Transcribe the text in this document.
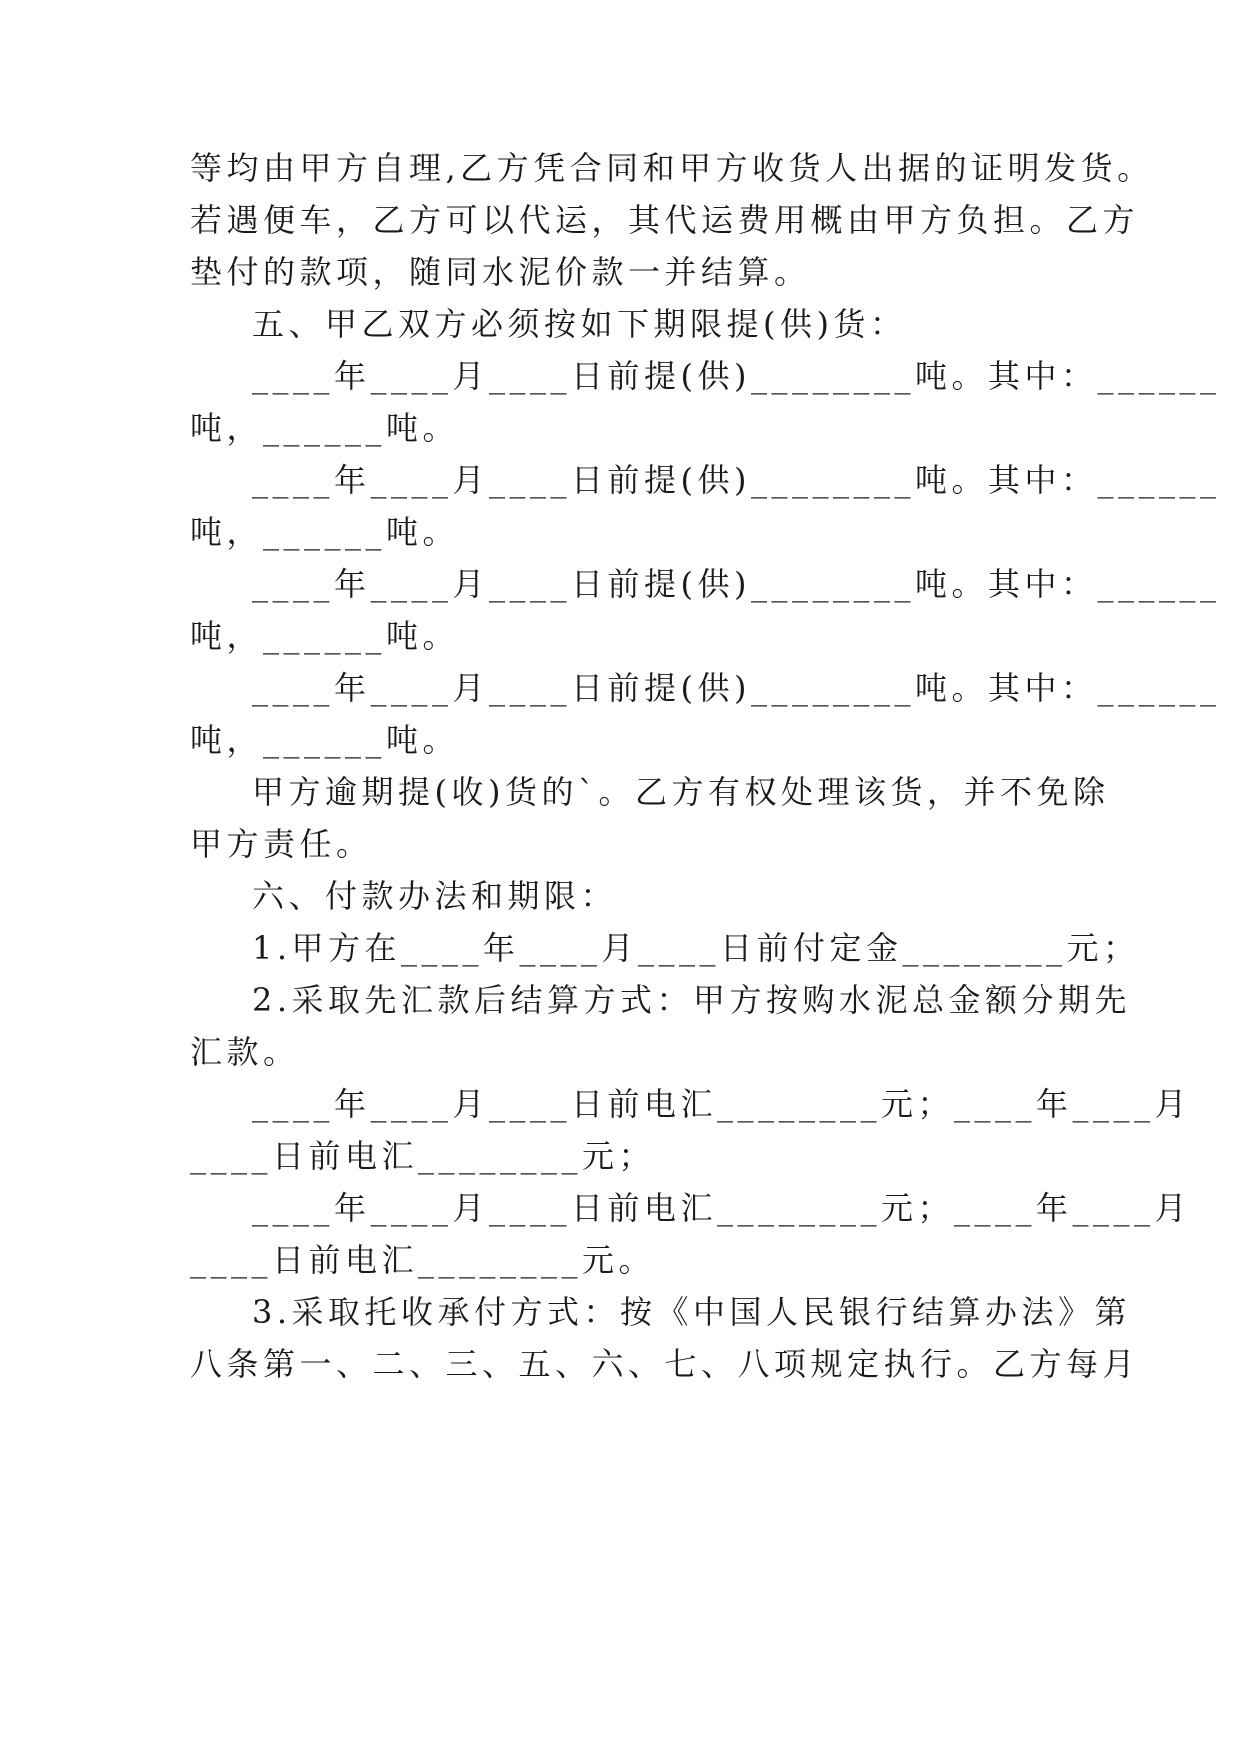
等均由甲方自理,乙方凭合同和甲方收货人出据的证明发货。
若遇便车，乙方可以代运，其代运费用概由甲方负担。乙方
垫付的款项，随同水泥价款一并结算。
五、甲乙双方必须按如下期限提(供)货：
____年____月____日前提(供)________吨。其中：______
吨，______吨。
____年____月____日前提(供)________吨。其中：______
吨，______吨。
____年____月____日前提(供)________吨。其中：______
吨，______吨。
____年____月____日前提(供)________吨。其中：______
吨，______吨。
甲方逾期提(收)货的`。乙方有权处理该货，并不免除
甲方责任。
六、付款办法和期限：
1.甲方在____年____月____日前付定金________元；
2.采取先汇款后结算方式：甲方按购水泥总金额分期先
汇款。
____年____月____日前电汇________元；____年____月
____日前电汇________元；
____年____月____日前电汇________元；____年____月
____日前电汇________元。
3.采取托收承付方式：按《中国人民银行结算办法》第
八条第一、二、三、五、六、七、八项规定执行。乙方每月
